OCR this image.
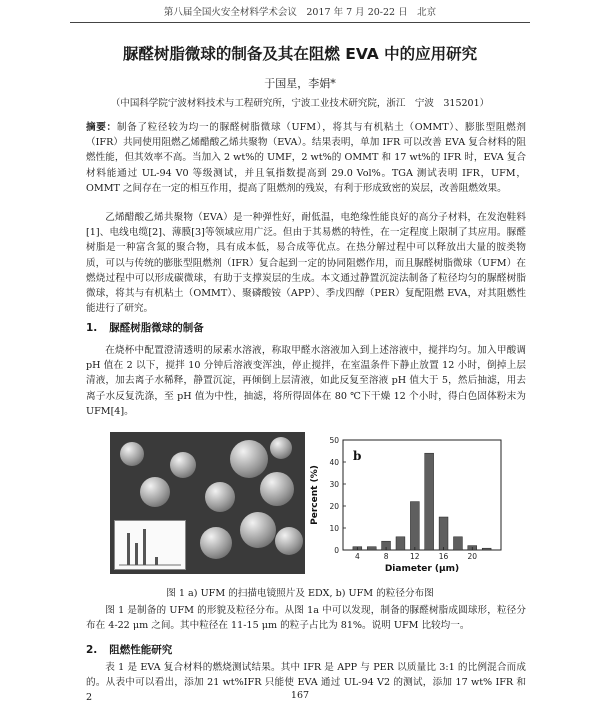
第八届全国火安全材料学术会议　2017 年 7 月 20-22 日　北京
脲醛树脂微球的制备及其在阻燃 EVA 中的应用研究
于国星，李娟*
（中国科学院宁波材料技术与工程研究所，宁波工业技术研究院，浙江　宁波　315201）

摘要：制备了粒径较为均一的脲醛树脂微球（UFM），将其与有机粘土（OMMT）、膨胀型阻燃剂（IFR）共同使用阻燃乙烯醋酸乙烯共聚物（EVA）。结果表明，单加 IFR 可以改善 EVA 复合材料的阻燃性能，但其效率不高。当加入 2 wt%的 UMF，2 wt%的 OMMT 和 17 wt%的 IFR 时，EVA 复合材料能通过 UL-94 V0 等级测试，并且氧指数提高到 29.0 Vol%。TGA 测试表明 IFR，UFM，OMMT 之间存在一定的相互作用，提高了阻燃剂的残炭，有利于形成致密的炭层，改善阻燃效果。

乙烯醋酸乙烯共聚物（EVA）是一种弹性好，耐低温，电绝缘性能良好的高分子材料，在发泡鞋料[1]、电线电缆[2]、薄膜[3]等领域应用广泛。但由于其易燃的特性，在一定程度上限制了其应用。脲醛树脂是一种富含氮的聚合物，具有成本低，易合成等优点。在热分解过程中可以释放出大量的胺类物质，可以与传统的膨胀型阻燃剂（IFR）复合起到一定的协同阻燃作用，而且脲醛树脂微球（UFM）在燃烧过程中可以形成碳微球，有助于支撑炭层的生成。本文通过静置沉淀法制备了粒径均匀的脲醛树脂微球，将其与有机粘土（OMMT）、聚磷酸铵（APP）、季戊四醇（PER）复配阻燃 EVA，对其阻燃性能进行了研究。

1. 脲醛树脂微球的制备

在烧杯中配置澄清透明的尿素水溶液，称取甲醛水溶液加入到上述溶液中，搅拌均匀。加入甲酸调 pH 值在 2 以下，搅拌 10 分钟后溶液变浑浊，停止搅拌，在室温条件下静止放置 12 小时，倒掉上层清液，加去离子水稀释，静置沉淀，再倾倒上层清液，如此反复至溶液 pH 值大于 5，然后抽滤，用去离子水反复洗涤，至 pH 值为中性，抽滤，将所得固体在 80 ℃下干燥 12 个小时，得白色固体粉末为 UFM[4]。

0
10
20
30
40
50
4	8	12	16	20
Diameter (μm)
Percent (%)
b
图 1 a) UFM 的扫描电镜照片及 EDX, b) UFM 的粒径分布图

图 1 是制备的 UFM 的形貌及粒径分布。从图 1a 中可以发现，制备的脲醛树脂成圆球形，粒径分布在 4-22 μm 之间。其中粒径在 11-15 μm 的粒子占比为 81%。说明 UFM 比较均一。

2. 阻燃性能研究

表 1 是 EVA 复合材料的燃烧测试结果。其中 IFR 是 APP 与 PER 以质量比 3:1 的比例混合而成的。从表中可以看出，添加 21 wt%IFR 只能使 EVA 通过 UL-94 V2 的测试，添加 17 wt% IFR 和 2	167
